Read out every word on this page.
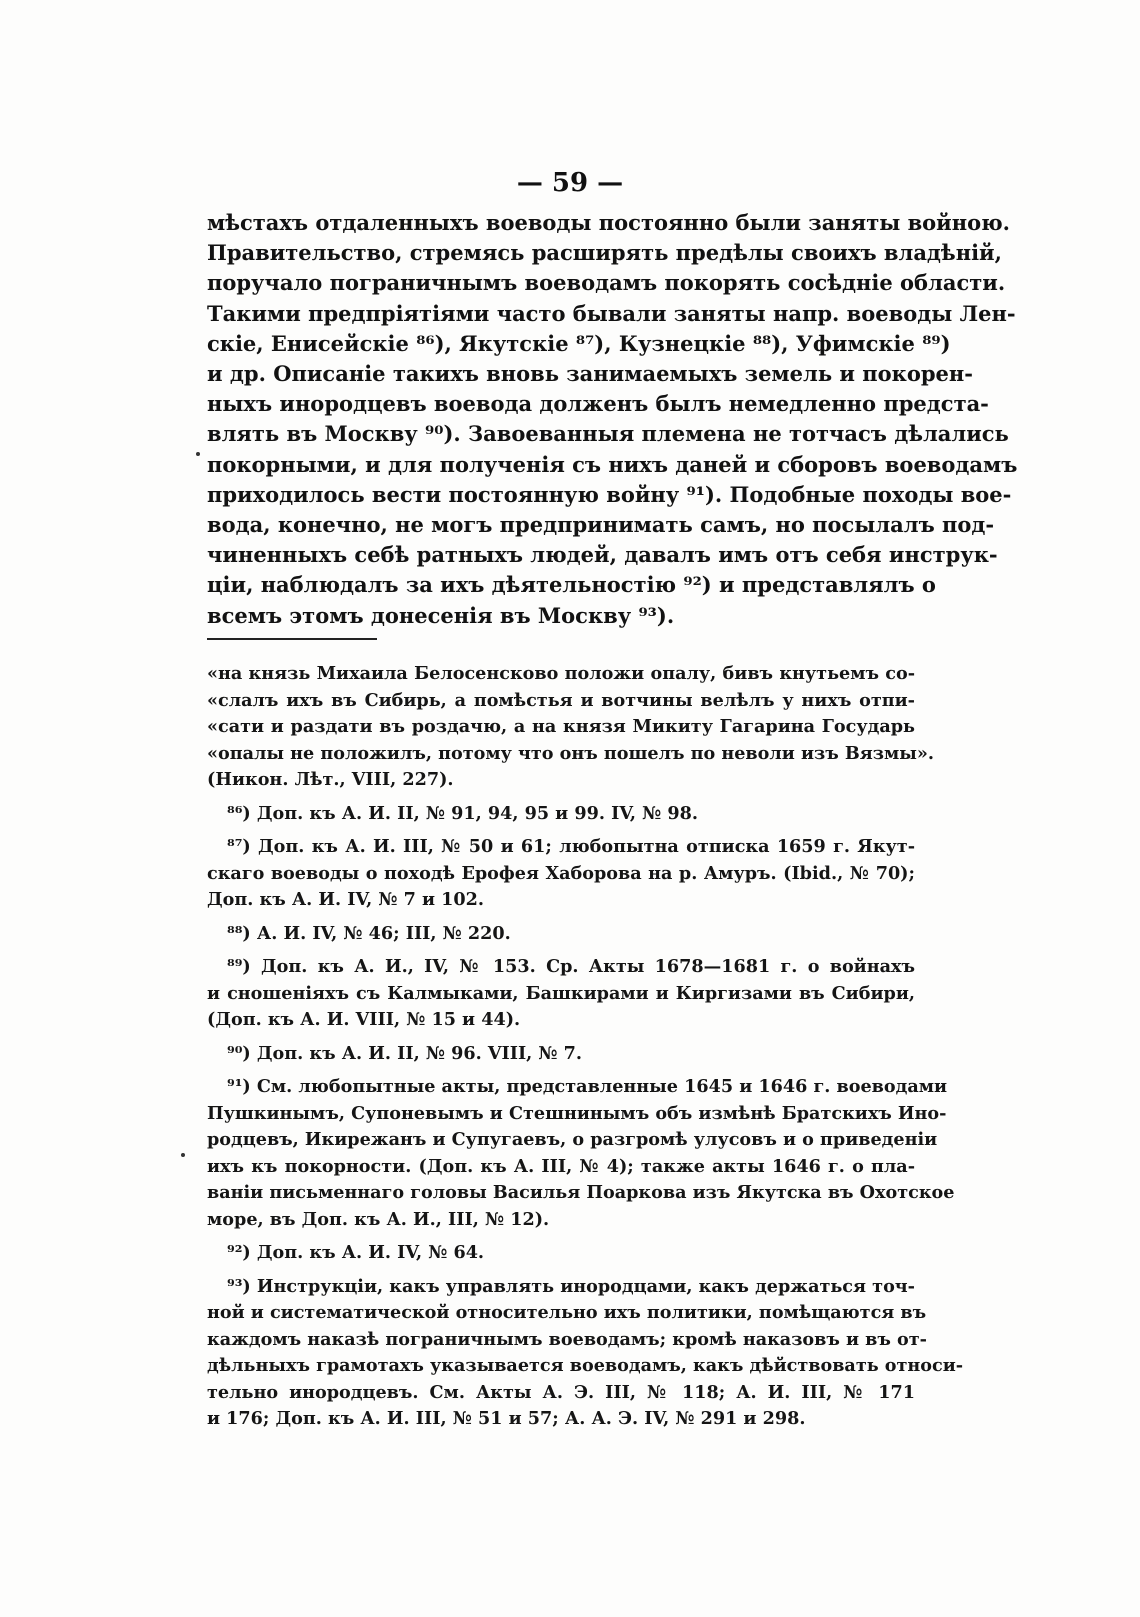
— 59 —
мѣстахъ отдаленныхъ воеводы постоянно были заняты войною.
Правительство, стремясь расширять предѣлы своихъ владѣній,
поручало пограничнымъ воеводамъ покорять сосѣдніе области.
Такими предпріятіями часто бывали заняты напр. воеводы Лен-
скіе, Енисейскіе ⁸⁶), Якутскіе ⁸⁷), Кузнецкіе ⁸⁸), Уфимскіе ⁸⁹)
и др. Описаніе такихъ вновь занимаемыхъ земель и покорен-
ныхъ инородцевъ воевода долженъ былъ немедленно предста-
влять въ Москву ⁹⁰). Завоеванныя племена не тотчасъ дѣлались
покорными, и для полученія съ нихъ даней и сборовъ воеводамъ
приходилось вести постоянную войну ⁹¹). Подобные походы вое-
вода, конечно, не могъ предпринимать самъ, но посылалъ под-
чиненныхъ себѣ ратныхъ людей, давалъ имъ отъ себя инструк-
ціи, наблюдалъ за ихъ дѣятельностію ⁹²) и представлялъ о
всемъ этомъ донесенія въ Москву ⁹³).
«на князь Михаила Белосенсково положи опалу, бивъ кнутьемъ со-
«слалъ ихъ въ Сибирь, а помѣстья и вотчины велѣлъ у нихъ отпи-
«сати и раздати въ роздачю, а на князя Микиту Гагарина Государь
«опалы не положилъ, потому что онъ пошелъ по неволи изъ Вязмы».
(Никон. Лѣт., VIII, 227).
⁸⁶) Доп. къ А. И. II, № 91, 94, 95 и 99. IV, № 98.
⁸⁷) Доп. къ А. И. III, № 50 и 61; любопытна отписка 1659 г. Якут-
скаго воеводы о походѣ Ерофея Хаборова на р. Амуръ. (Ibid., № 70);
Доп. къ А. И. IV, № 7 и 102.
⁸⁸) А. И. IV, № 46; III, № 220.
⁸⁹) Доп. къ А. И., IV, № 153. Ср. Акты 1678—1681 г. о войнахъ
и сношеніяхъ съ Калмыками, Башкирами и Киргизами въ Сибири,
(Доп. къ А. И. VIII, № 15 и 44).
⁹⁰) Доп. къ А. И. II, № 96. VIII, № 7.
⁹¹) См. любопытные акты, представленные 1645 и 1646 г. воеводами
Пушкинымъ, Супоневымъ и Стешнинымъ объ измѣнѣ Братскихъ Ино-
родцевъ, Икирежанъ и Супугаевъ, о разгромѣ улусовъ и о приведеніи
ихъ къ покорности. (Доп. къ А. III, № 4); также акты 1646 г. о пла-
ваніи письменнаго головы Василья Поаркова изъ Якутска въ Охотское
море, въ Доп. къ А. И., III, № 12).
⁹²) Доп. къ А. И. IV, № 64.
⁹³) Инструкціи, какъ управлять инородцами, какъ держаться точ-
ной и систематической относительно ихъ политики, помѣщаются въ
каждомъ наказѣ пограничнымъ воеводамъ; кромѣ наказовъ и въ от-
дѣльныхъ грамотахъ указывается воеводамъ, какъ дѣйствовать относи-
тельно инородцевъ. См. Акты А. Э. III, № 118; А. И. III, № 171
и 176; Доп. къ А. И. III, № 51 и 57; А. А. Э. IV, № 291 и 298.
